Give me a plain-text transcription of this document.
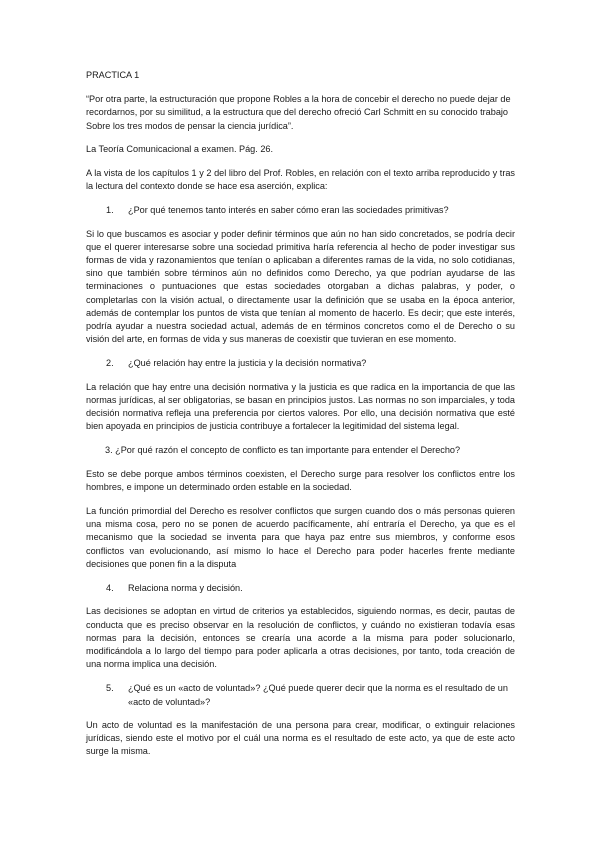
PRACTICA 1
“Por otra parte, la estructuración que propone Robles a la hora de concebir el derecho no puede dejar de recordarnos, por su similitud, a la estructura que del derecho ofreció Carl Schmitt en su conocido trabajo Sobre los tres modos de pensar la ciencia jurídica”.
La Teoría Comunicacional a examen. Pág. 26.
A la vista de los capítulos 1 y 2 del libro del Prof. Robles, en relación con el texto arriba reproducido y tras la lectura del contexto donde se hace esa aserción, explica:
1.	¿Por qué tenemos tanto interés en saber cómo eran las sociedades primitivas?
Si lo que buscamos es asociar y poder definir términos que aún no han sido concretados, se podría decir que el querer interesarse sobre una sociedad primitiva haría referencia al hecho de poder investigar sus formas de vida y razonamientos que tenían o aplicaban a diferentes ramas de la vida, no solo cotidianas, sino que también sobre términos aún no definidos como Derecho, ya que podrían ayudarse de las terminaciones o puntuaciones que estas sociedades otorgaban a dichas palabras, y poder, o completarlas con la visión actual, o directamente usar la definición que se usaba en la época anterior, además de contemplar los puntos de vista que tenían al momento de hacerlo. Es decir; que este interés, podría ayudar a nuestra sociedad actual, además de en términos concretos como el de Derecho o su visión del arte, en formas de vida y sus maneras de coexistir que tuvieran en ese momento.
2.	¿Qué relación hay entre la justicia y la decisión normativa?
La relación que hay entre una decisión normativa y la justicia es que radica en la importancia de que las normas jurídicas, al ser obligatorias, se basan en principios justos. Las normas no son imparciales, y toda decisión normativa refleja una preferencia por ciertos valores. Por ello, una decisión normativa que esté bien apoyada en principios de justicia contribuye a fortalecer la legitimidad del sistema legal.
3. ¿Por qué razón el concepto de conflicto es tan importante para entender el Derecho?
Esto se debe porque ambos términos coexisten, el Derecho surge para resolver los conflictos entre los hombres, e impone un determinado orden estable en la sociedad.
La función primordial del Derecho es resolver conflictos que surgen cuando dos o más personas quieren una misma cosa, pero no se ponen de acuerdo pacíficamente, ahí entraría el Derecho, ya que es el mecanismo que la sociedad se inventa para que haya paz entre sus miembros, y conforme esos conflictos van evolucionando, así mismo lo hace el Derecho para poder hacerles frente mediante decisiones que ponen fin a la disputa
4.	Relaciona norma y decisión.
Las decisiones se adoptan en virtud de criterios ya establecidos, siguiendo normas, es decir, pautas de conducta que es preciso observar en la resolución de conflictos, y cuándo no existieran todavía esas normas para la decisión, entonces se crearía una acorde a la misma para poder solucionarlo, modificándola a lo largo del tiempo para poder aplicarla a otras decisiones, por tanto, toda creación de una norma implica una decisión.
5.	¿Qué es un «acto de voluntad»? ¿Qué puede querer decir que la norma es el resultado de un «acto de voluntad»?
Un acto de voluntad es la manifestación de una persona para crear, modificar, o extinguir relaciones jurídicas, siendo este el motivo por el cuál una norma es el resultado de este acto, ya que de este acto surge la misma.
